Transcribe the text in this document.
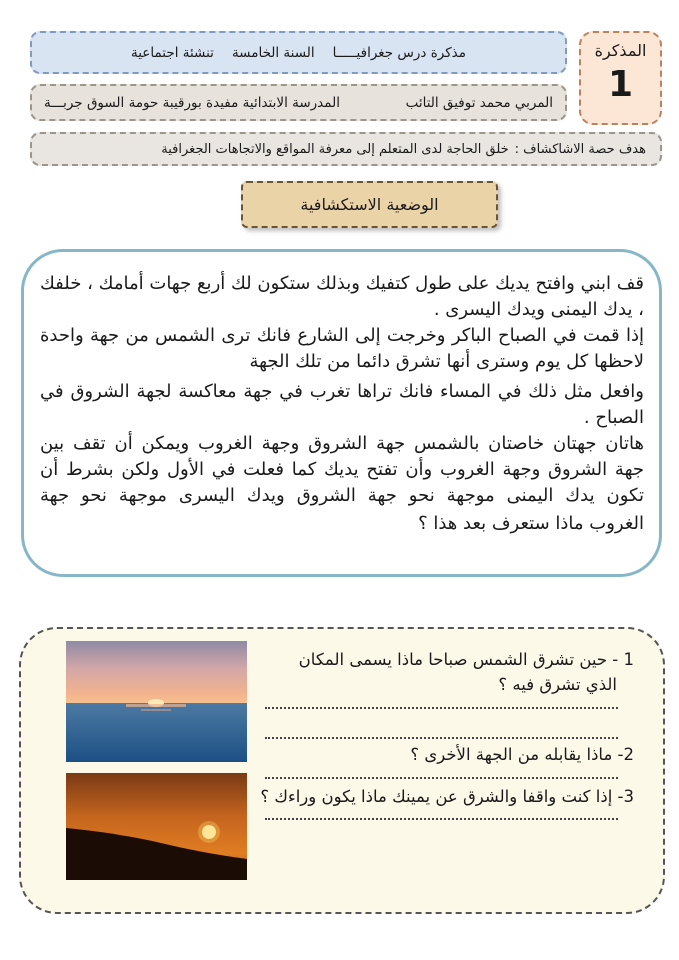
المذكرة
1
مذكرة درس جغرافيـــــا
السنة الخامسة
تنشئة اجتماعية
المربي محمد توفيق التائب
المدرسة الابتدائية مفيدة بورقيبة حومة السوق جربـــة
هدف حصة الاشاكشاف :
خلق الحاجة لدى المتعلم إلى معرفة المواقع والاتجاهات الجغرافية
الوضعية الاستكشافية
قف ابني وافتح يديك على طول كتفيك وبذلك ستكون لك أربع جهات أمامك ، خلفك
، يدك اليمنى ويدك اليسرى .
إذا قمت في الصباح الباكر وخرجت إلى الشارع فانك ترى الشمس من جهة واحدة
لاحظها كل يوم وسترى أنها تشرق دائما من تلك الجهة
وافعل مثل ذلك في المساء فانك تراها تغرب في جهة معاكسة لجهة الشروق في
الصباح .
هاتان جهتان خاصتان بالشمس جهة الشروق وجهة الغروب ويمكن أن تقف بين
جهة الشروق وجهة الغروب وأن تفتح يديك كما فعلت في الأول ولكن بشرط أن
تكون يدك اليمنى موجهة نحو جهة الشروق ويدك اليسرى موجهة نحو جهة
الغروب ماذا ستعرف بعد هذا ؟
1 - حين تشرق الشمس صباحا ماذا يسمى المكان
الذي تشرق فيه ؟
2- ماذا يقابله من الجهة الأخرى ؟
3- إذا كنت واقفا والشرق عن يمينك ماذا يكون وراءك ؟
